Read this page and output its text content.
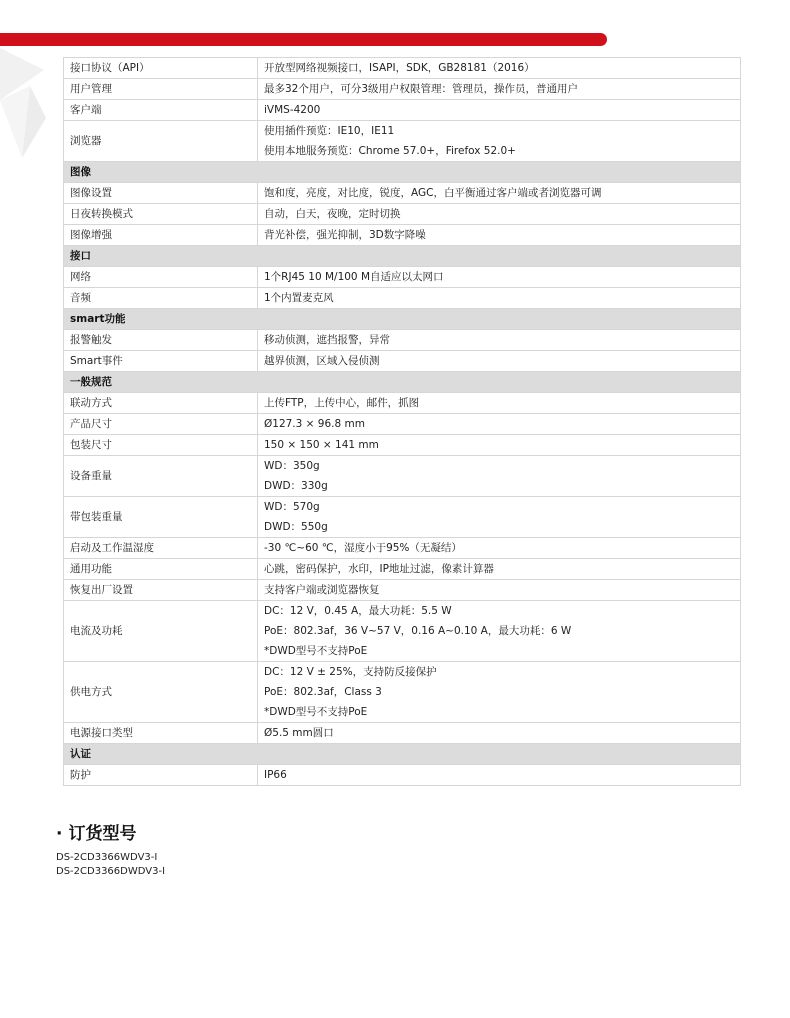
接口协议（API）	开放型网络视频接口，ISAPI，SDK，GB28181（2016）

用户管理	最多32个用户，可分3级用户权限管理：管理员，操作员，普通用户

客户端	iVMS-4200

浏览器	使用插件预览：IE10，IE11
使用本地服务预览：Chrome 57.0+，Firefox 52.0+

图像	
图像设置	饱和度，亮度，对比度，锐度，AGC，白平衡通过客户端或者浏览器可调

日夜转换模式	自动，白天，夜晚，定时切换

图像增强	背光补偿，强光抑制，3D数字降噪

接口	
网络	1个RJ45 10 M/100 M自适应以太网口

音频	1个内置麦克风

smart功能	
报警触发	移动侦测，遮挡报警，异常

Smart事件	越界侦测，区域入侵侦测

一般规范	
联动方式	上传FTP，上传中心，邮件，抓图

产品尺寸	Ø127.3 × 96.8 mm

包装尺寸	150 × 150 × 141 mm

设备重量	WD：350g
DWD：330g

带包装重量	WD：570g
DWD：550g

启动及工作温湿度	-30 ℃~60 ℃，湿度小于95%（无凝结）

通用功能	心跳，密码保护，水印，IP地址过滤，像素计算器

恢复出厂设置	支持客户端或浏览器恢复

电流及功耗	DC：12 V，0.45 A，最大功耗：5.5 W
PoE：802.3af，36 V~57 V，0.16 A~0.10 A，最大功耗：6 W
*DWD型号不支持PoE

供电方式	DC：12 V ± 25%，支持防反接保护
PoE：802.3af，Class 3
*DWD型号不支持PoE

电源接口类型	Ø5.5 mm圆口

认证	
防护	IP66
· 订货型号
DS-2CD3366WDV3-I
DS-2CD3366DWDV3-I
